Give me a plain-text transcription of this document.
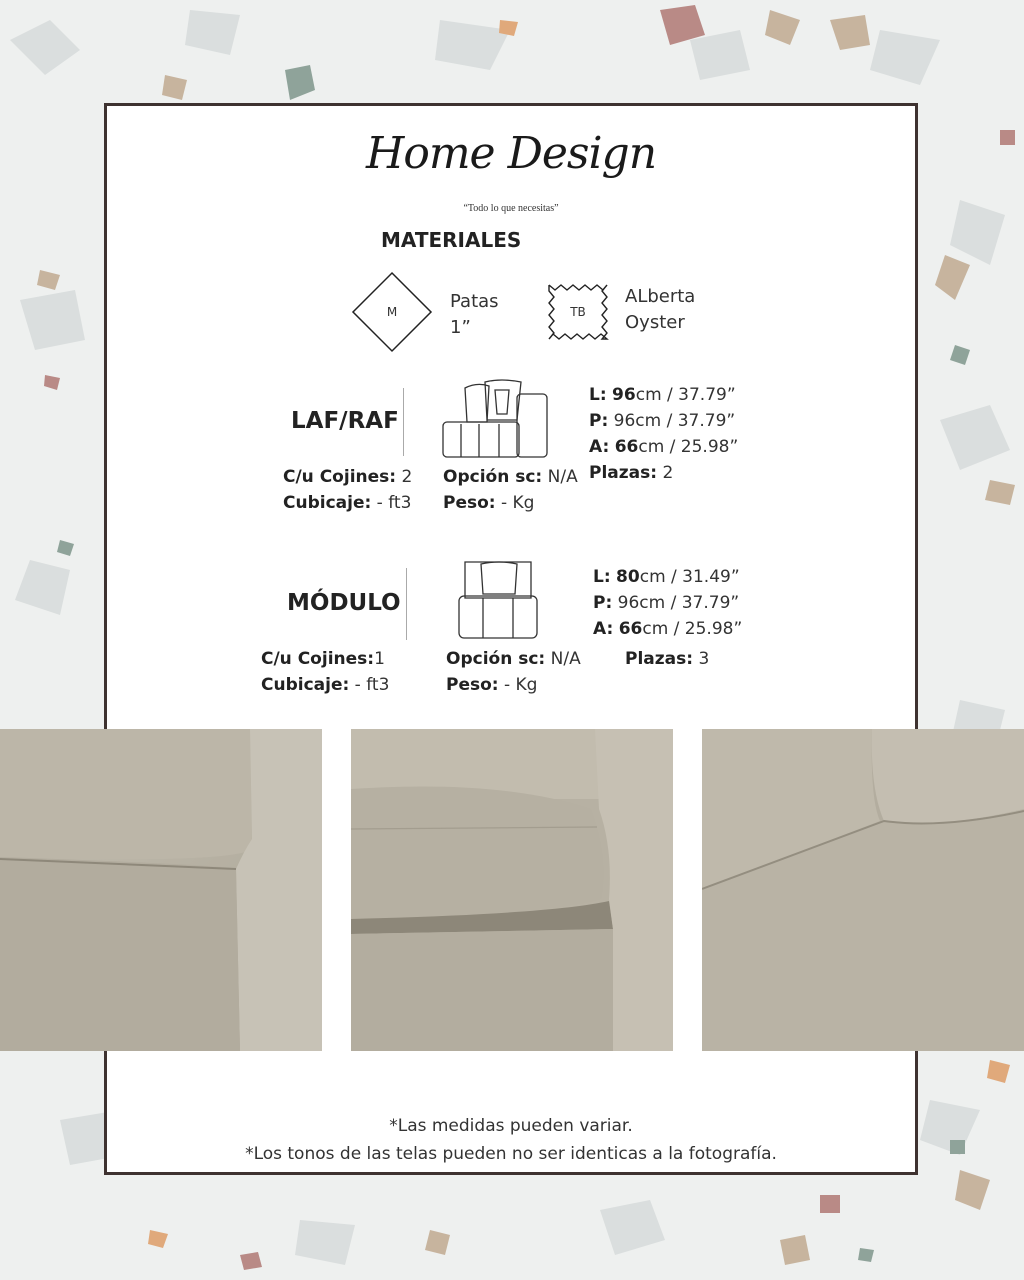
Home Design
“Todo lo que necesitas”
MATERIALES
M	Patas
1”
TB
ALberta
Oyster
LAF/RAF
L: 96cm / 37.79”
P: 96cm / 37.79”
A: 66cm / 25.98”
Plazas: 2
C/u Cojines: 2
Cubicaje: - ft3
Opción sc: N/A
Peso: - Kg
MÓDULO
L: 80cm / 31.49”
P: 96cm / 37.79”
A: 66cm / 25.98”
C/u Cojines:1
Cubicaje: - ft3
Opción sc: N/A
Peso: - Kg
Plazas: 3
*Las medidas pueden variar.
*Los tonos de las telas pueden no ser identicas a la fotografía.
